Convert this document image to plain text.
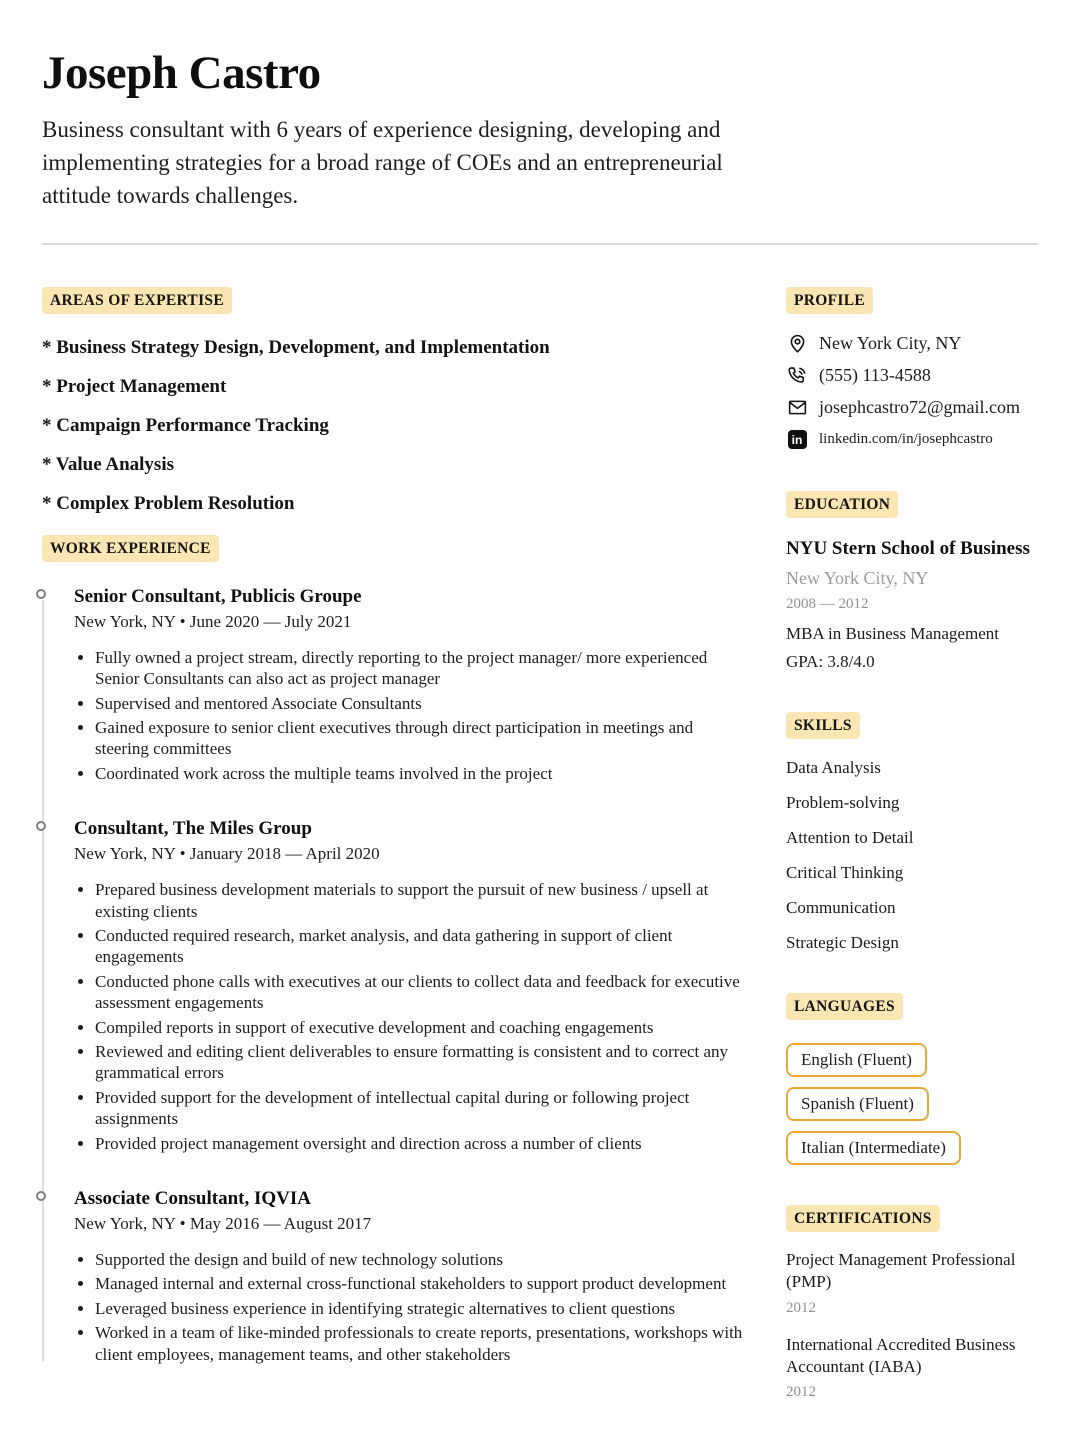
Joseph Castro

Business consultant with 6 years of experience designing, developing and implementing strategies for a broad range of COEs and an entrepreneurial attitude towards challenges.

AREAS OF EXPERTISE
* Business Strategy Design, Development, and Implementation
* Project Management
* Campaign Performance Tracking
* Value Analysis
* Complex Problem Resolution
WORK EXPERIENCE
Senior Consultant, Publicis Groupe
New York, NY • June 2020 — July 2021
• Fully owned a project stream, directly reporting to the project manager/ more experienced Senior Consultants can also act as project manager
• Supervised and mentored Associate Consultants
• Gained exposure to senior client executives through direct participation in meetings and steering committees
• Coordinated work across the multiple teams involved in the project
Consultant, The Miles Group
New York, NY • January 2018 — April 2020
• Prepared business development materials to support the pursuit of new business / upsell at existing clients
• Conducted required research, market analysis, and data gathering in support of client engagements
• Conducted phone calls with executives at our clients to collect data and feedback for executive assessment engagements
• Compiled reports in support of executive development and coaching engagements
• Reviewed and editing client deliverables to ensure formatting is consistent and to correct any grammatical errors
• Provided support for the development of intellectual capital during or following project assignments
• Provided project management oversight and direction across a number of clients
Associate Consultant, IQVIA
New York, NY • May 2016 — August 2017
• Supported the design and build of new technology solutions
• Managed internal and external cross-functional stakeholders to support product development
• Leveraged business experience in identifying strategic alternatives to client questions
• Worked in a team of like-minded professionals to create reports, presentations, workshops with client employees, management teams, and other stakeholders
PROFILE
New York City, NY
(555) 113-4588
josephcastro72@gmail.com
in linkedin.com/in/josephcastro
EDUCATION
NYU Stern School of Business
New York City, NY
2008 — 2012
MBA in Business Management
GPA: 3.8/4.0
SKILLS
Data Analysis
Problem-solving
Attention to Detail
Critical Thinking
Communication
Strategic Design
LANGUAGES
English (Fluent)
Spanish (Fluent)
Italian (Intermediate)
CERTIFICATIONS
Project Management Professional (PMP)
2012
International Accredited Business Accountant (IABA)
2012
